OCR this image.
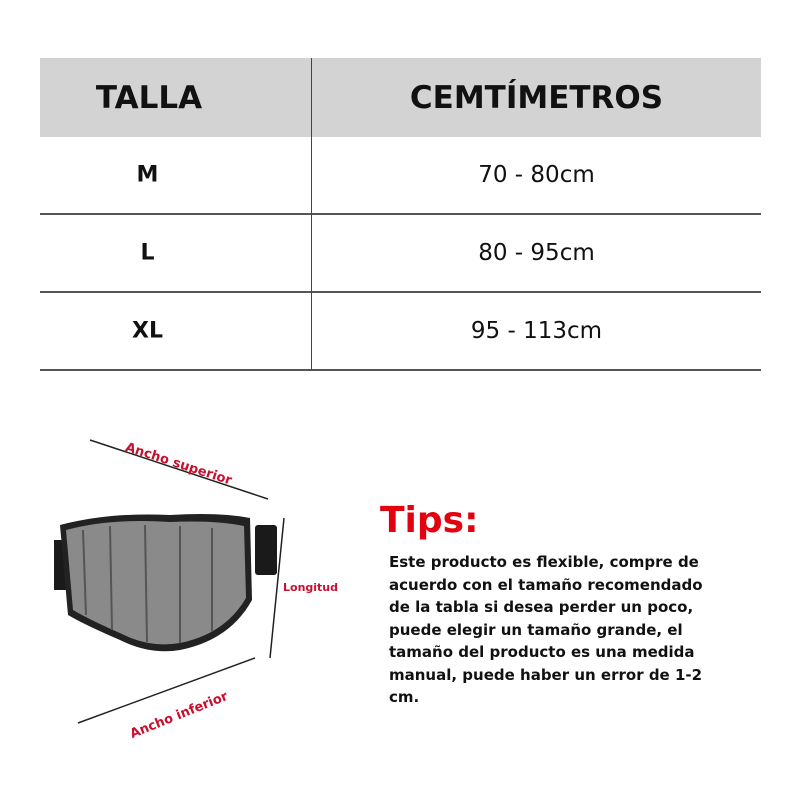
TALLA	CEMTÍMETROS
M	70 - 80cm
L	80 - 95cm
XL	95 - 113cm
Ancho superior
Longitud
Ancho inferior
Tips:
Este producto es flexible, compre de
acuerdo con el tamaño recomendado
de la tabla si desea perder un poco,
puede elegir un tamaño grande, el
tamaño del producto es una medida
manual, puede haber un error de 1-2
cm.
